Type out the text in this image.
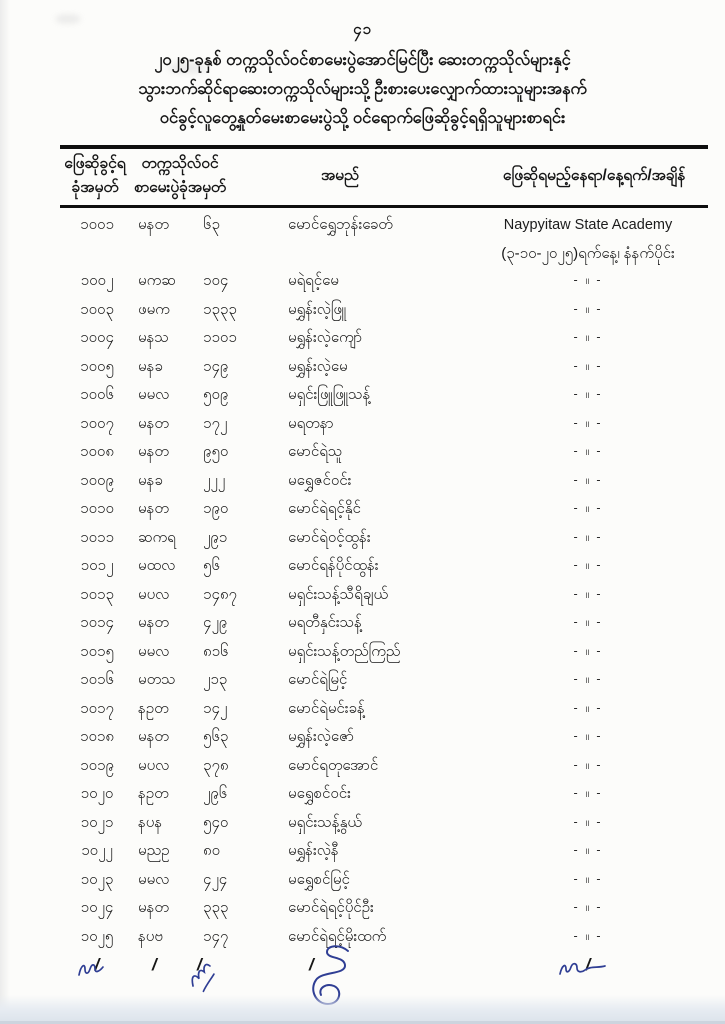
၄၁
၂၀၂၅-ခုနှစ် တက္ကသိုလ်ဝင်စာမေးပွဲအောင်မြင်ပြီး ဆေးတက္ကသိုလ်များနှင့်
သွားဘက်ဆိုင်ရာဆေးတက္ကသိုလ်များသို့ ဦးစားပေးလျှောက်ထားသူများအနက်
ဝင်ခွင့်လူတွေ့နှုတ်မေးစာမေးပွဲသို့ ဝင်ရောက်ဖြေဆိုခွင့်ရရှိသူများစာရင်း
ဖြေဆိုခွင့်ရ
ခုံအမှတ်
တက္ကသိုလ်ဝင်
စာမေးပွဲခုံအမှတ်
အမည်	ဖြေဆိုရမည့်နေရာ/နေ့ရက်/အချိန်
၁၀၀၁	မနတ	၆၃	မောင်ရွှေဘုန်းခေတ်	Naypyitaw State Academy
(၃-၁၀-၂၀၂၅)ရက်နေ့၊ နံနက်ပိုင်း
၁၀၀၂	မကဆ	၁၀၄	မရဲရင့်မေ	- ။ -
၁၀၀၃	ဖမက	၁၃၃၃	မရွှန်းလဲ့ဖြူ	- ။ -
၁၀၀၄	မနသ	၁၁၀၁	မရွှန်းလဲ့ကျော်	- ။ -
၁၀၀၅	မနခ	၁၄၉	မရွှန်းလဲ့မေ	- ။ -
၁၀၀၆	မမလ	၅၀၉	မရှင်းဖြူဖြူသန့်	- ။ -
၁၀၀၇	မနတ	၁၇၂	မရတနာ	- ။ -
၁၀၀၈	မနတ	၉၅၀	မောင်ရဲသူ	- ။ -
၁၀၀၉	မနခ	၂၂၂	မရွှေဇင်ဝင်း	- ။ -
၁၀၁၀	မနတ	၁၉၀	မောင်ရဲရင့်နိုင်	- ။ -
၁၀၁၁	ဆကရ	၂၉၁	မောင်ရဲဝင့်ထွန်း	- ။ -
၁၀၁၂	မထလ	၅၆	မောင်ရန်ပိုင်ထွန်း	- ။ -
၁၀၁၃	မပလ	၁၄၈၇	မရှင်းသန့်သီရိချယ်	- ။ -
၁၀၁၄	မနတ	၄၂၉	မရတီနှင်းသန့်	- ။ -
၁၀၁၅	မမလ	၈၁၆	မရှင်းသန့်တည်ကြည်	- ။ -
၁၀၁၆	မတသ	၂၁၃	မောင်ရဲမြင့်	- ။ -
၁၀၁၇	နဥတ	၁၄၂	မောင်ရဲမင်းခန့်	- ။ -
၁၀၁၈	မနတ	၅၆၃	မရွှန်းလဲ့ဇော်	- ။ -
၁၀၁၉	မပလ	၃၇၈	မောင်ရတုအောင်	- ။ -
၁၀၂၀	နဥတ	၂၉၆	မရွှေစင်ဝင်း	- ။ -
၁၀၂၁	နပန	၅၄၀	မရှင်းသန့်နွယ်	- ။ -
၁၀၂၂	မညဥ	၈၀	မရွှန်းလဲ့နီ	- ။ -
၁၀၂၃	မမလ	၄၂၄	မရွှေစင်မြင့်	- ။ -
၁၀၂၄	မနတ	၃၃၃	မောင်ရဲရင့်ပိုင်ဦး	- ။ -
၁၀၂၅	နပဗ	၁၄၇	မောင်ရဲရင့်မိုးထက်	- ။ -
/	/	/	/	/
